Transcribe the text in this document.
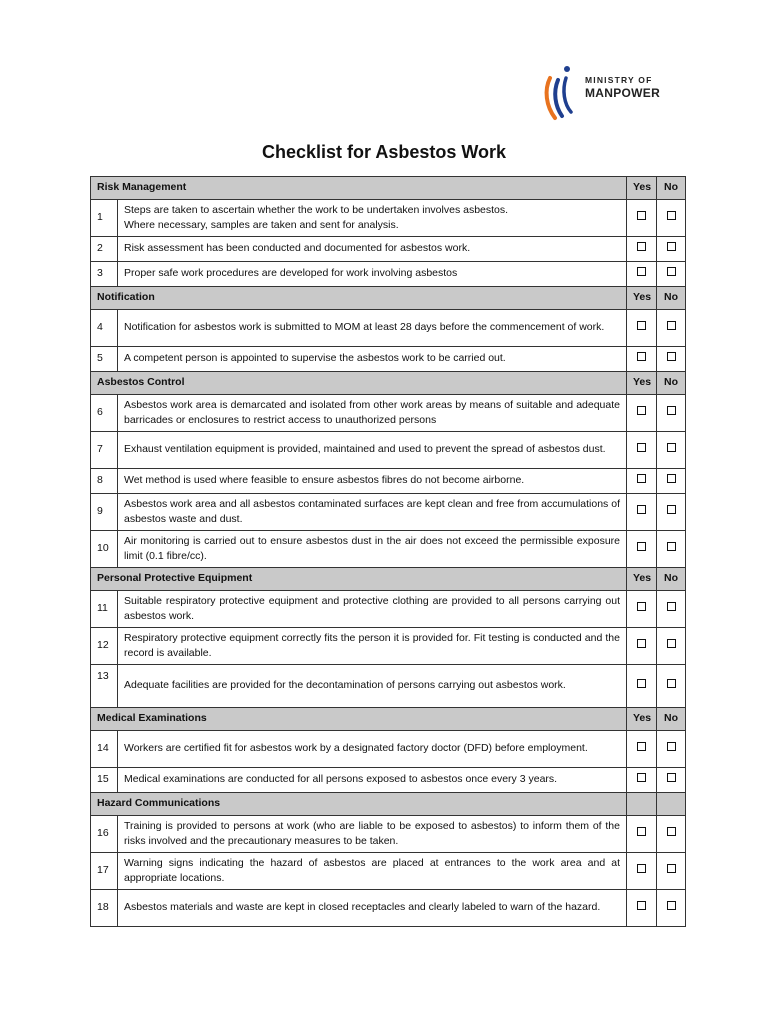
MINISTRY OF
MANPOWER
Checklist for Asbestos Work
Risk Management		Yes	No
1	Steps are taken to ascertain whether the work to be undertaken involves asbestos.
Where necessary, samples are taken and sent for analysis.		

2	Risk assessment has been conducted and documented for asbestos work.		

3	Proper safe work procedures are developed for work involving asbestos		

Notification		Yes	No
4	Notification for asbestos work is submitted to MOM at least 28 days before the commencement of work.		

5	A competent person is appointed to supervise the asbestos work to be carried out.		

Asbestos Control		Yes	No
6	Asbestos work area is demarcated and isolated from other work areas by means of suitable and adequate barricades or enclosures to restrict access to unauthorized persons		

7	Exhaust ventilation equipment is provided, maintained and used to prevent the spread of asbestos dust.		

8	Wet method is used where feasible to ensure asbestos fibres do not become airborne.		

9	Asbestos work area and all asbestos contaminated surfaces are kept clean and free from accumulations of asbestos waste and dust.		

10	Air monitoring is carried out to ensure asbestos dust in the air does not exceed the permissible exposure limit (0.1 fibre/cc).		

Personal Protective Equipment		Yes	No
11	Suitable respiratory protective equipment and protective clothing are provided to all persons carrying out asbestos work.		

12	Respiratory protective equipment correctly fits the person it is provided for. Fit testing is conducted and the record is available.		

13	Adequate facilities are provided for the decontamination of persons carrying out asbestos work.		

Medical Examinations		Yes	No
14	Workers are certified fit for asbestos work by a designated factory doctor (DFD) before employment.		

15	Medical examinations are conducted for all persons exposed to asbestos once every 3 years.		

Hazard Communications			
16	Training is provided to persons at work (who are liable to be exposed to asbestos) to inform them of the risks involved and the precautionary measures to be taken.		

17	Warning signs indicating the hazard of asbestos are placed at entrances to the work area and at appropriate locations.		

18	Asbestos materials and waste are kept in closed receptacles and clearly labeled to warn of the hazard.		
